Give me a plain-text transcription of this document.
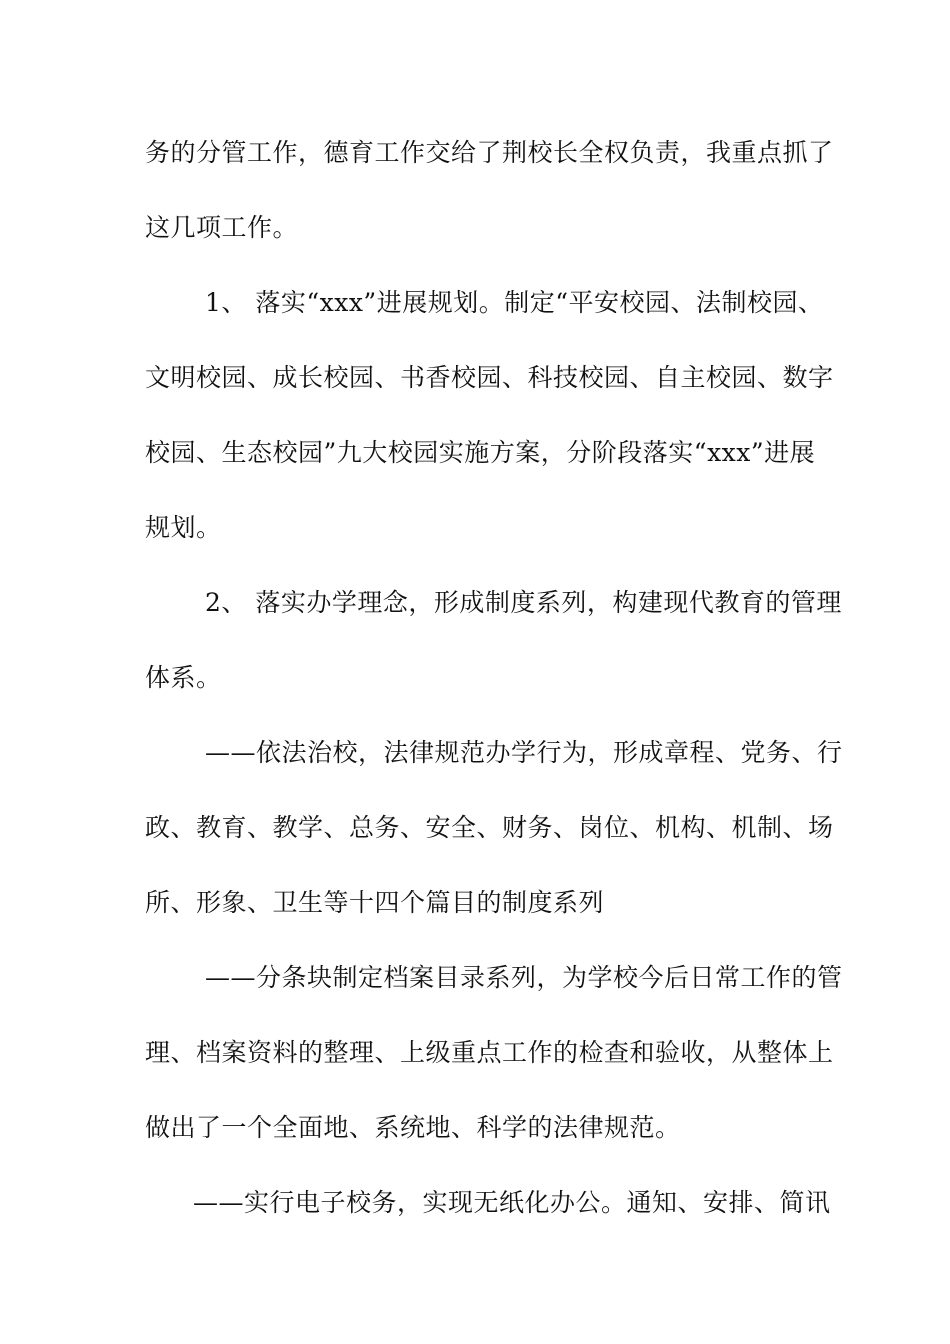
务的分管工作，德育工作交给了荆校长全权负责，我重点抓了

这几项工作。

1、 落实“xxx”进展规划。制定“平安校园、法制校园、

文明校园、成长校园、书香校园、科技校园、自主校园、数字

校园、生态校园”九大校园实施方案，分阶段落实“xxx”进展

规划。

2、 落实办学理念，形成制度系列，构建现代教育的管理

体系。

——依法治校，法律规范办学行为，形成章程、党务、行

政、教育、教学、总务、安全、财务、岗位、机构、机制、场

所、形象、卫生等十四个篇目的制度系列

——分条块制定档案目录系列，为学校今后日常工作的管

理、档案资料的整理、上级重点工作的检查和验收，从整体上

做出了一个全面地、系统地、科学的法律规范。

——实行电子校务，实现无纸化办公。通知、安排、简讯
